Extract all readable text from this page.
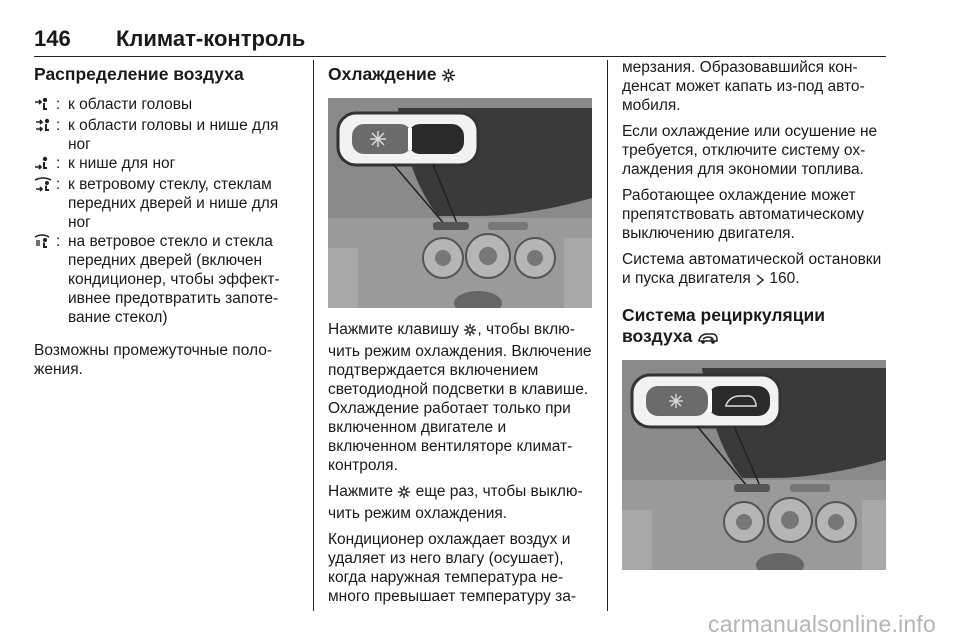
146 Климат-контроль
Распределение воздуха
: к области головы
: к области головы и нише для ног
: к нише для ног
: к ветровому стеклу, стеклам передних дверей и нише для ног
: на ветровое стекло и стекла передних дверей (включен кондиционер, чтобы эффективнее предотвратить запотевание стекол)

Возможны промежуточные положения.

Охлаждение

Нажмите клавишу , чтобы включить режим охлаждения. Включение подтверждается включением светодиодной подсветки в клавише. Охлаждение работает только при включенном двигателе и включенном вентиляторе климат-контроля.

Нажмите еще раз, чтобы выключить режим охлаждения.

Кондиционер охлаждает воздух и удаляет из него влагу (осушает), когда наружная температура немного превышает температуру за-

мерзания. Образовавшийся конденсат может капать из-под автомобиля.

Если охлаждение или осушение не требуется, отключите систему охлаждения для экономии топлива.

Работающее охлаждение может препятствовать автоматическому выключению двигателя.

Система автоматической остановки и пуска двигателя 160.

Система рециркуляции
воздуха
carmanualsonline.info
